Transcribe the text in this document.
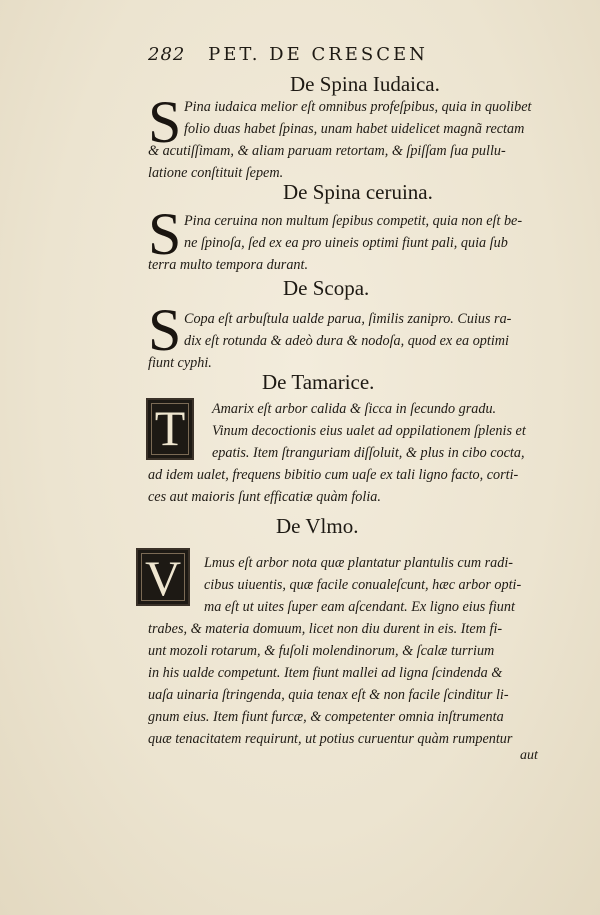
282 PET. DE CRESCEN
De Spina Iudaica.
S Pina iudaica melior eſt omnibus profeſpibus, quia in quolibet
folio duas habet ſpinas, unam habet uidelicet magnã rectam
& acutiſſimam, & aliam paruam retortam, & ſpiſſam ſua pullu-
latione conſtituit ſepem.
De Spina ceruina.
S Pina ceruina non multum ſepibus competit, quia non eſt be-
ne ſpinoſa, ſed ex ea pro uineis optimi fiunt pali, quia ſub
terra multo tempora durant.
De Scopa.
S Copa eſt arbuſtula ualde parua, ſimilis zanipro. Cuius ra-
dix eſt rotunda & adeò dura & nodoſa, quod ex ea optimi
fiunt cyphi.
De Tamarice.
T	Amarix eſt arbor calida & ſicca in ſecundo gradu.
Vinum decoctionis eius ualet ad oppilationem ſplenis et
epatis. Item ſtranguriam diſſoluit, & plus in cibo cocta,
ad idem ualet, frequens bibitio cum uaſe ex tali ligno facto, corti-
ces aut maioris ſunt efficatiæ quàm folia.
De Vlmo.
V	Lmus eſt arbor nota quæ plantatur plantulis cum radi-
cibus uiuentis, quæ facile conualeſcunt, hæc arbor opti-
ma eſt ut uites ſuper eam aſcendant. Ex ligno eius fiunt
trabes, & materia domuum, licet non diu durent in eis. Item fi-
unt mozoli rotarum, & fuſoli molendinorum, & ſcalæ turrium
in his ualde competunt. Item fiunt mallei ad ligna ſcindenda &
uaſa uinaria ſtringenda, quia tenax eſt & non facile ſcinditur li-
gnum eius. Item fiunt furcæ, & competenter omnia inſtrumenta
quæ tenacitatem requirunt, ut potius curuentur quàm rumpentur
aut
